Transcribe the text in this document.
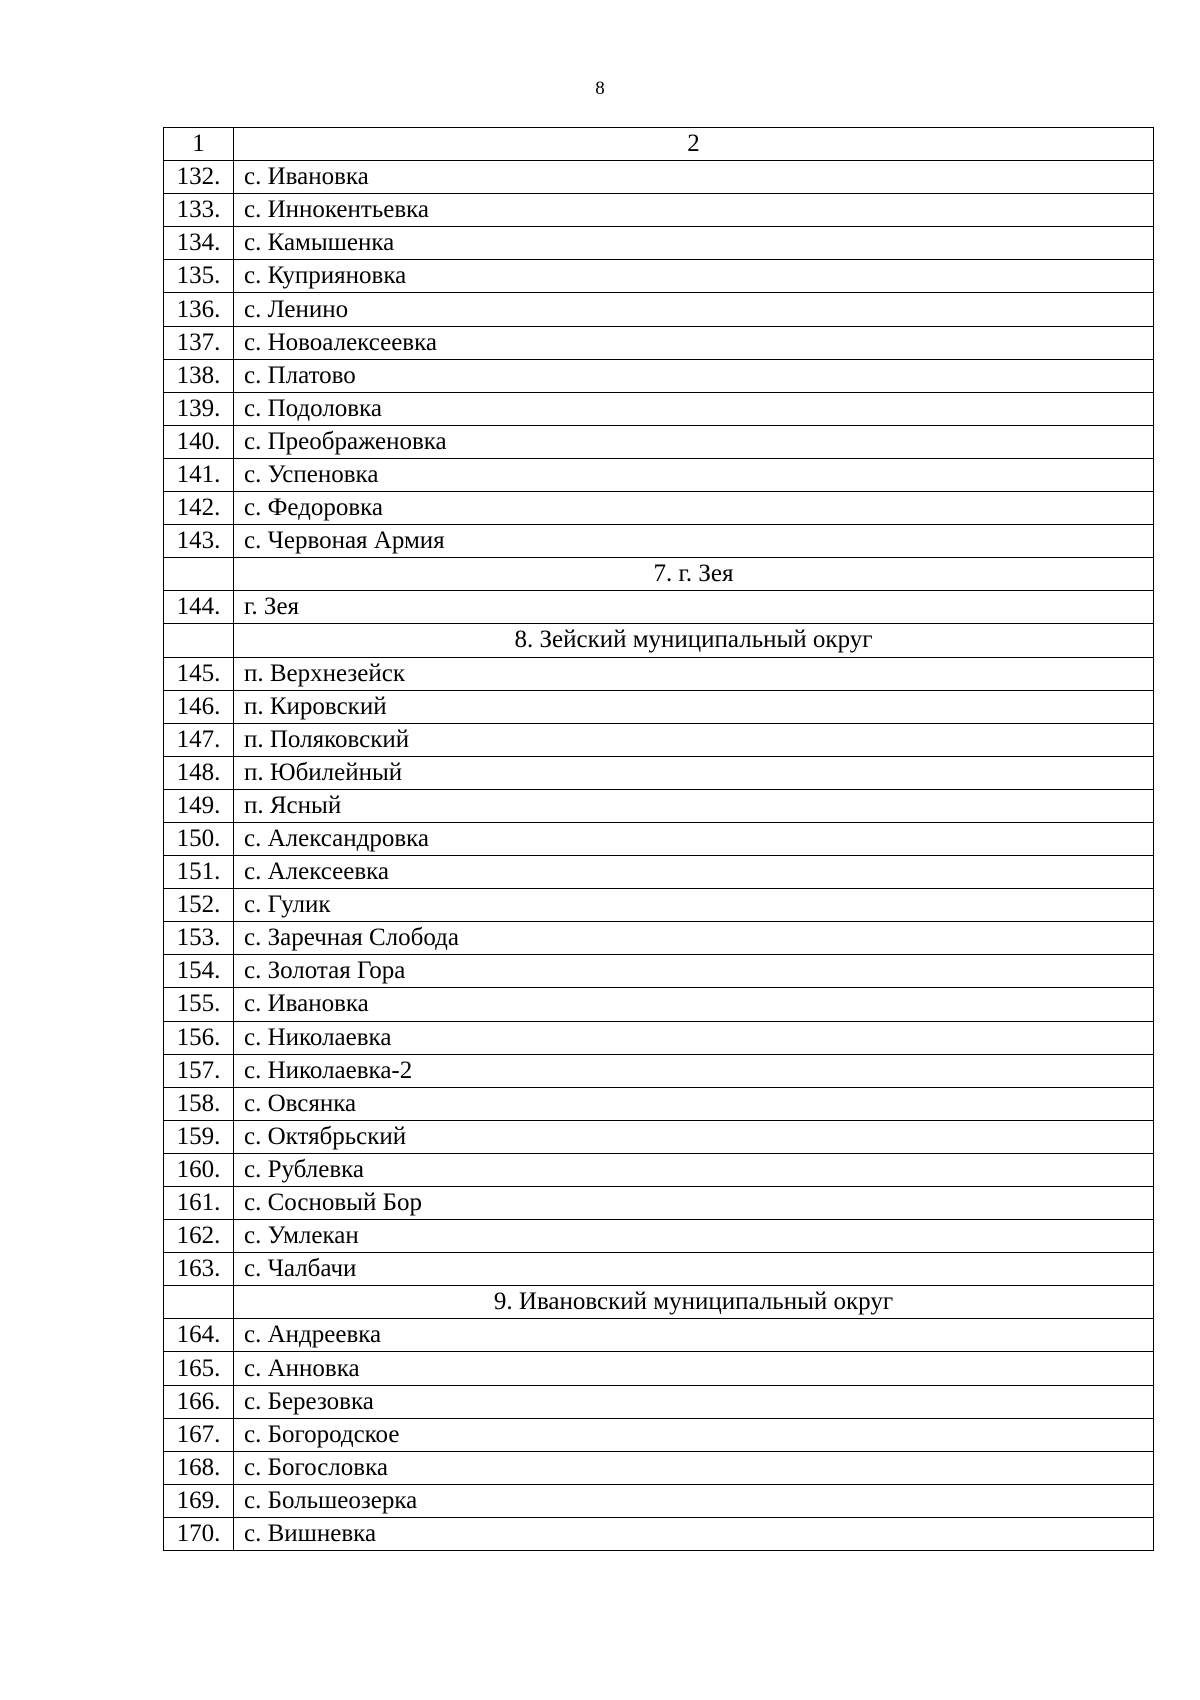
8
1	2
132.	с. Ивановка
133.	с. Иннокентьевка
134.	с. Камышенка
135.	с. Куприяновка
136.	с. Ленино
137.	с. Новоалексеевка
138.	с. Платово
139.	с. Подоловка
140.	с. Преображеновка
141.	с. Успеновка
142.	с. Федоровка
143.	с. Червоная Армия
	7. г. Зея
144.	г. Зея
	8. Зейский муниципальный округ
145.	п. Верхнезейск
146.	п. Кировский
147.	п. Поляковский
148.	п. Юбилейный
149.	п. Ясный
150.	с. Александровка
151.	с. Алексеевка
152.	с. Гулик
153.	с. Заречная Слобода
154.	с. Золотая Гора
155.	с. Ивановка
156.	с. Николаевка
157.	с. Николаевка-2
158.	с. Овсянка
159.	с. Октябрьский
160.	с. Рублевка
161.	с. Сосновый Бор
162.	с. Умлекан
163.	с. Чалбачи
	9. Ивановский муниципальный округ
164.	с. Андреевка
165.	с. Анновка
166.	с. Березовка
167.	с. Богородское
168.	с. Богословка
169.	с. Большеозерка
170.	с. Вишневка
